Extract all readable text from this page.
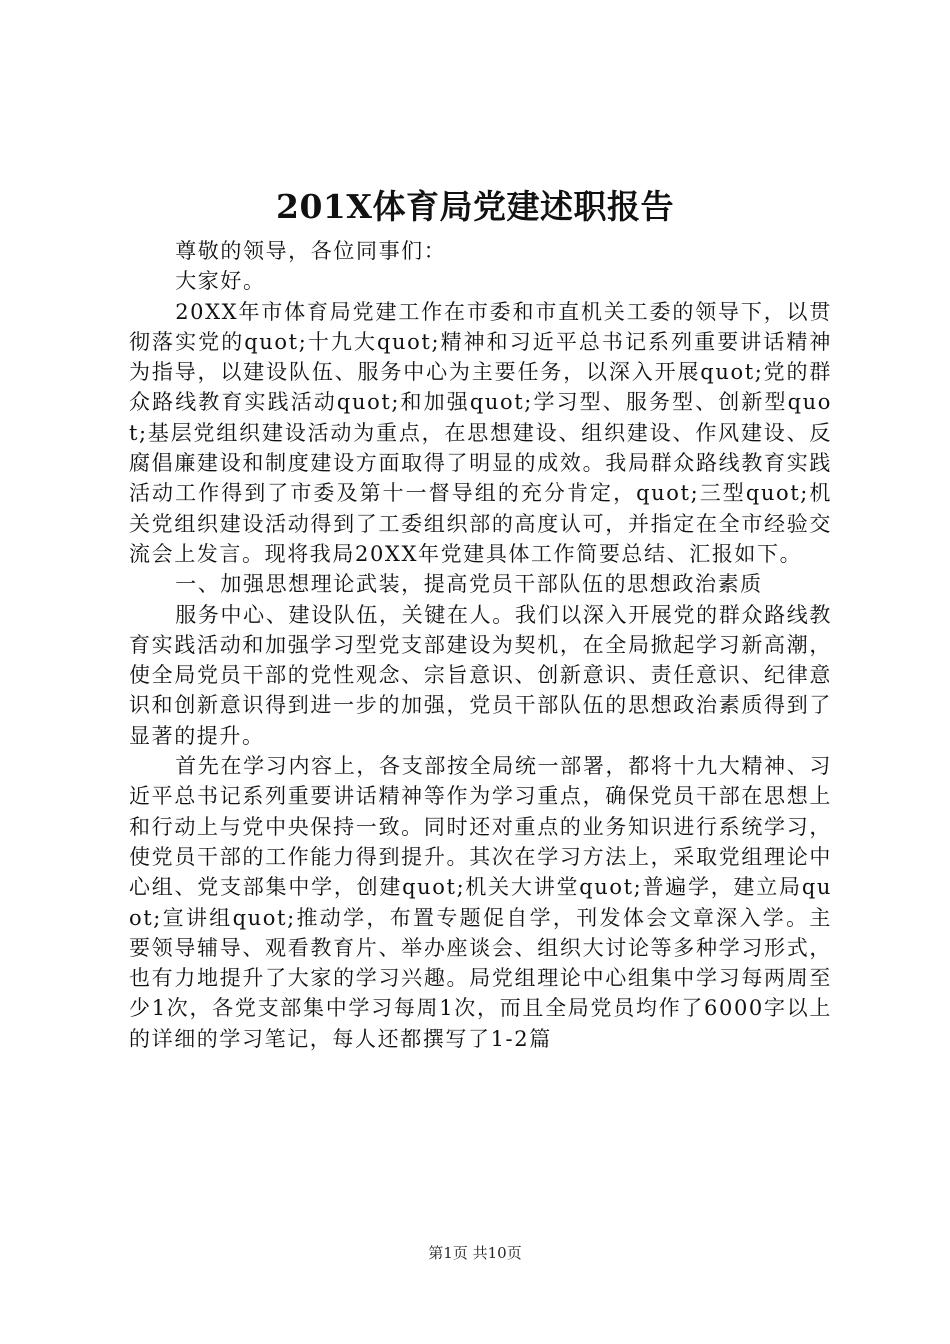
201X体育局党建述职报告

尊敬的领导，各位同事们：

大家好。

20XX年市体育局党建工作在市委和市直机关工委的领导下，以贯彻落实党的quot;十九大quot;精神和习近平总书记系列重要讲话精神为指导，以建设队伍、服务中心为主要任务，以深入开展quot;党的群众路线教育实践活动quot;和加强quot;学习型、服务型、创新型quot;基层党组织建设活动为重点，在思想建设、组织建设、作风建设、反腐倡廉建设和制度建设方面取得了明显的成效。我局群众路线教育实践活动工作得到了市委及第十一督导组的充分肯定，quot;三型quot;机关党组织建设活动得到了工委组织部的高度认可，并指定在全市经验交流会上发言。现将我局20XX年党建具体工作简要总结、汇报如下。

一、加强思想理论武装，提高党员干部队伍的思想政治素质

服务中心、建设队伍，关键在人。我们以深入开展党的群众路线教育实践活动和加强学习型党支部建设为契机，在全局掀起学习新高潮，使全局党员干部的党性观念、宗旨意识、创新意识、责任意识、纪律意识和创新意识得到进一步的加强，党员干部队伍的思想政治素质得到了显著的提升。

首先在学习内容上，各支部按全局统一部署，都将十九大精神、习近平总书记系列重要讲话精神等作为学习重点，确保党员干部在思想上和行动上与党中央保持一致。同时还对重点的业务知识进行系统学习，使党员干部的工作能力得到提升。其次在学习方法上，采取党组理论中心组、党支部集中学，创建quot;机关大讲堂quot;普遍学，建立局quot;宣讲组quot;推动学，布置专题促自学，刊发体会文章深入学。主要领导辅导、观看教育片、举办座谈会、组织大讨论等多种学习形式，也有力地提升了大家的学习兴趣。局党组理论中心组集中学习每两周至少1次，各党支部集中学习每周1次，而且全局党员均作了6000字以上的详细的学习笔记，每人还都撰写了1-2篇

第1页 共10页
